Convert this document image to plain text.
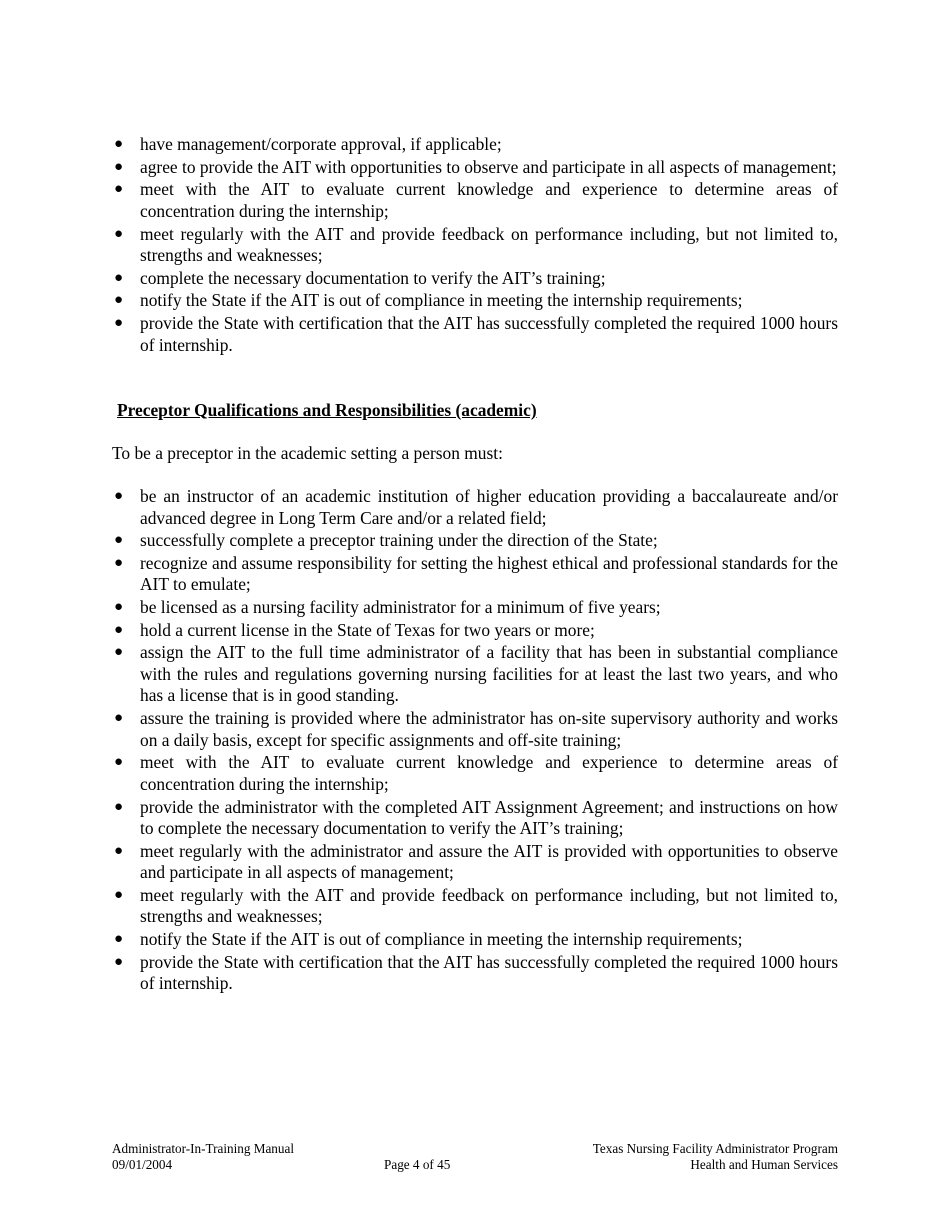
● have management/corporate approval, if applicable;
● agree to provide the AIT with opportunities to observe and participate in all aspects of management;
● meet with the AIT to evaluate current knowledge and experience to determine areas of concentration during the internship;
● meet regularly with the AIT and provide feedback on performance including, but not limited to, strengths and weaknesses;
● complete the necessary documentation to verify the AIT’s training;
● notify the State if the AIT is out of compliance in meeting the internship requirements;
● provide the State with certification that the AIT has successfully completed the required 1000 hours of internship.
Preceptor Qualifications and Responsibilities (academic)
To be a preceptor in the academic setting a person must:
● be an instructor of an academic institution of higher education providing a baccalaureate and/or advanced degree in Long Term Care and/or a related field;
● successfully complete a preceptor training under the direction of the State;
● recognize and assume responsibility for setting the highest ethical and professional standards for the AIT to emulate;
● be licensed as a nursing facility administrator for a minimum of five years;
● hold a current license in the State of Texas for two years or more;
● assign the AIT to the full time administrator of a facility that has been in substantial compliance with the rules and regulations governing nursing facilities for at least the last two years, and who has a license that is in good standing.
● assure the training is provided where the administrator has on-site supervisory authority and works on a daily basis, except for specific assignments and off-site training;
● meet with the AIT to evaluate current knowledge and experience to determine areas of concentration during the internship;
● provide the administrator with the completed AIT Assignment Agreement; and instructions on how to complete the necessary documentation to verify the AIT’s training;
● meet regularly with the administrator and assure the AIT is provided with opportunities to observe and participate in all aspects of management;
● meet regularly with the AIT and provide feedback on performance including, but not limited to, strengths and weaknesses;
● notify the State if the AIT is out of compliance in meeting the internship requirements;
● provide the State with certification that the AIT has successfully completed the required 1000 hours of internship.
Administrator-In-Training Manual
09/01/2004	Page 4 of 45
Texas Nursing Facility Administrator Program
Health and Human Services
